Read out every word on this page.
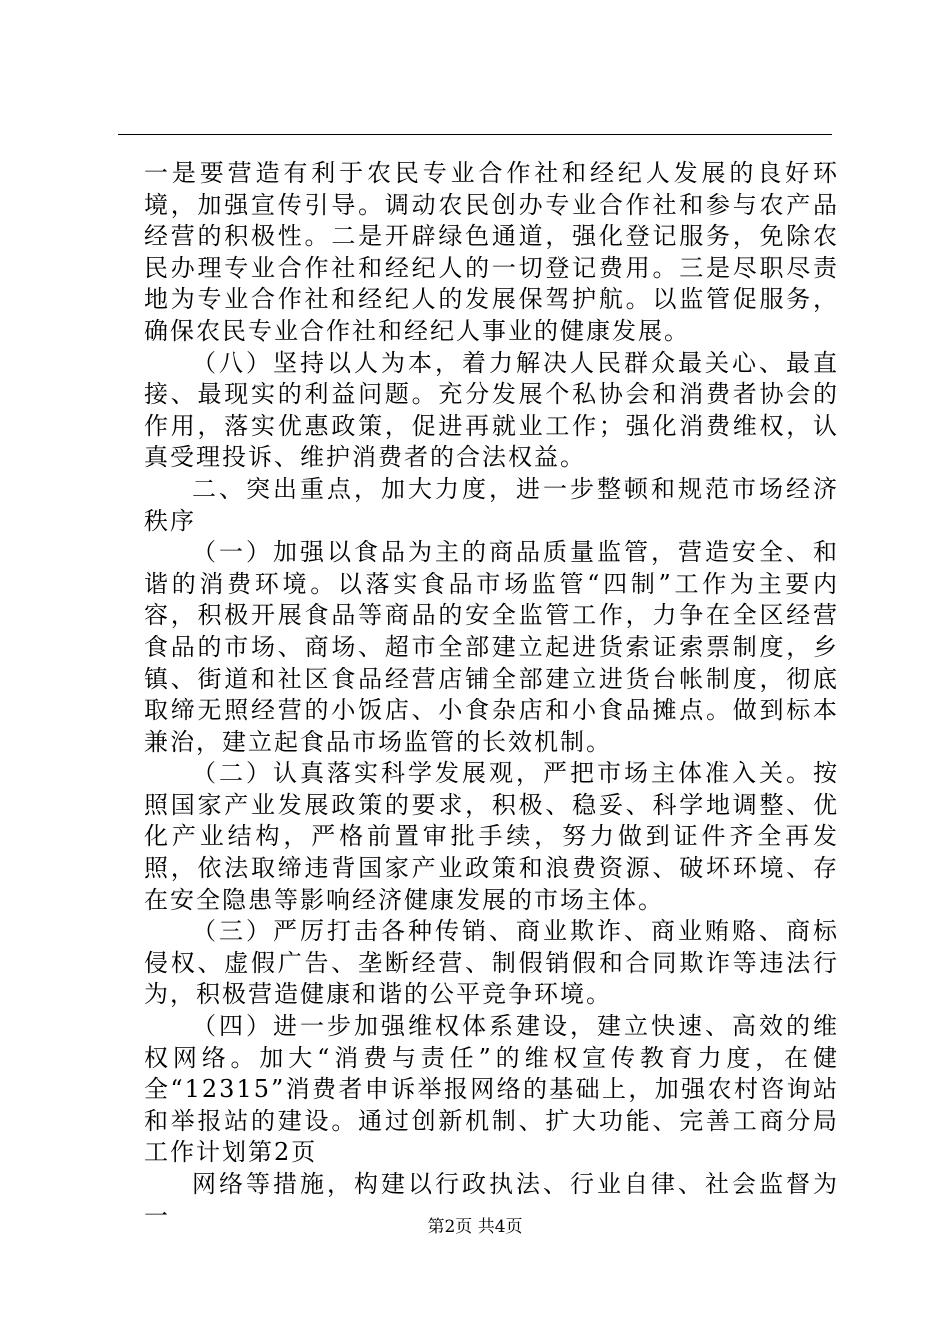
一是要营造有利于农民专业合作社和经纪人发展的良好环境，加强宣传引导。调动农民创办专业合作社和参与农产品经营的积极性。二是开辟绿色通道，强化登记服务，免除农民办理专业合作社和经纪人的一切登记费用。三是尽职尽责地为专业合作社和经纪人的发展保驾护航。以监管促服务，确保农民专业合作社和经纪人事业的健康发展。

（八）坚持以人为本，着力解决人民群众最关心、最直接、最现实的利益问题。充分发展个私协会和消费者协会的作用，落实优惠政策，促进再就业工作；强化消费维权，认真受理投诉、维护消费者的合法权益。

二、突出重点，加大力度，进一步整顿和规范市场经济秩序

（一）加强以食品为主的商品质量监管，营造安全、和谐的消费环境。以落实食品市场监管“四制”工作为主要内容，积极开展食品等商品的安全监管工作，力争在全区经营食品的市场、商场、超市全部建立起进货索证索票制度，乡镇、街道和社区食品经营店铺全部建立进货台帐制度，彻底取缔无照经营的小饭店、小食杂店和小食品摊点。做到标本兼治，建立起食品市场监管的长效机制。

（二）认真落实科学发展观，严把市场主体准入关。按照国家产业发展政策的要求，积极、稳妥、科学地调整、优化产业结构，严格前置审批手续，努力做到证件齐全再发照，依法取缔违背国家产业政策和浪费资源、破坏环境、存在安全隐患等影响经济健康发展的市场主体。

（三）严厉打击各种传销、商业欺诈、商业贿赂、商标侵权、虚假广告、垄断经营、制假销假和合同欺诈等违法行为，积极营造健康和谐的公平竞争环境。

（四）进一步加强维权体系建设，建立快速、高效的维权网络。加大“消费与责任”的维权宣传教育力度，在健全“12315”消费者申诉举报网络的基础上，加强农村咨询站和举报站的建设。通过创新机制、扩大功能、完善工商分局工作计划第2页

网络等措施，构建以行政执法、行业自律、社会监督为一	第2页 共4页
